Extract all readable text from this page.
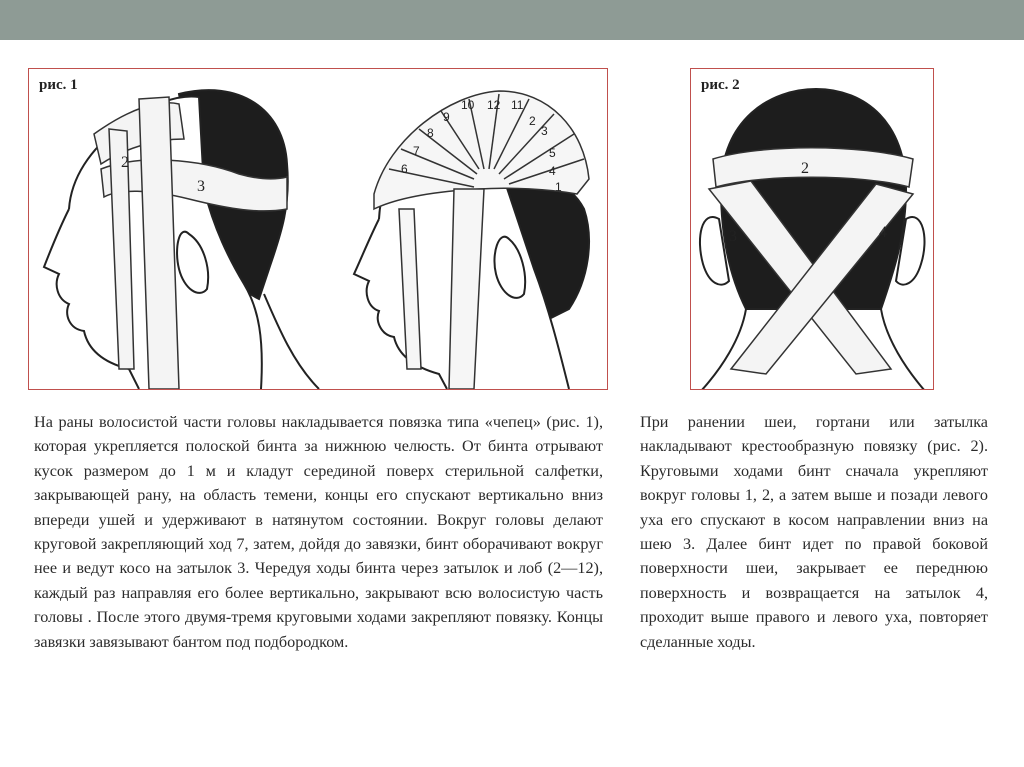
2
3
12 11
10
9
8
7
6
5
4
3
2
1
рис. 1
2
3	4
рис. 2
На раны волосистой части головы накладывается повязка типа «чепец» (рис. 1), которая укрепляется полоской бинта за нижнюю челюсть. От бинта отрывают кусок размером до 1 м и кладут серединой поверх стерильной салфетки, закрывающей рану, на область темени, концы его спускают вертикально вниз впереди ушей и удерживают в натянутом состоянии. Вокруг головы делают круговой закрепляющий ход 7, затем, дойдя до завязки, бинт оборачивают вокруг нее и ведут косо на затылок 3. Чередуя ходы бинта через затылок и лоб (2—12), каждый раз направляя его более вертикально, закрывают всю волосистую часть головы . После этого двумя-тремя круговыми ходами закрепляют повязку. Концы завязки завязывают бантом под подбородком.
При ранении шеи, гортани или затылка накладывают крестообразную повязку (рис. 2). Круговыми ходами бинт сначала укрепляют вокруг головы 1, 2, а затем выше и позади левого уха его спускают в косом направлении вниз на шею 3. Далее бинт идет по правой боковой поверхности шеи, закрывает ее переднюю поверхность и возвращается на затылок 4, проходит выше правого и левого уха, повторяет сделанные ходы.
